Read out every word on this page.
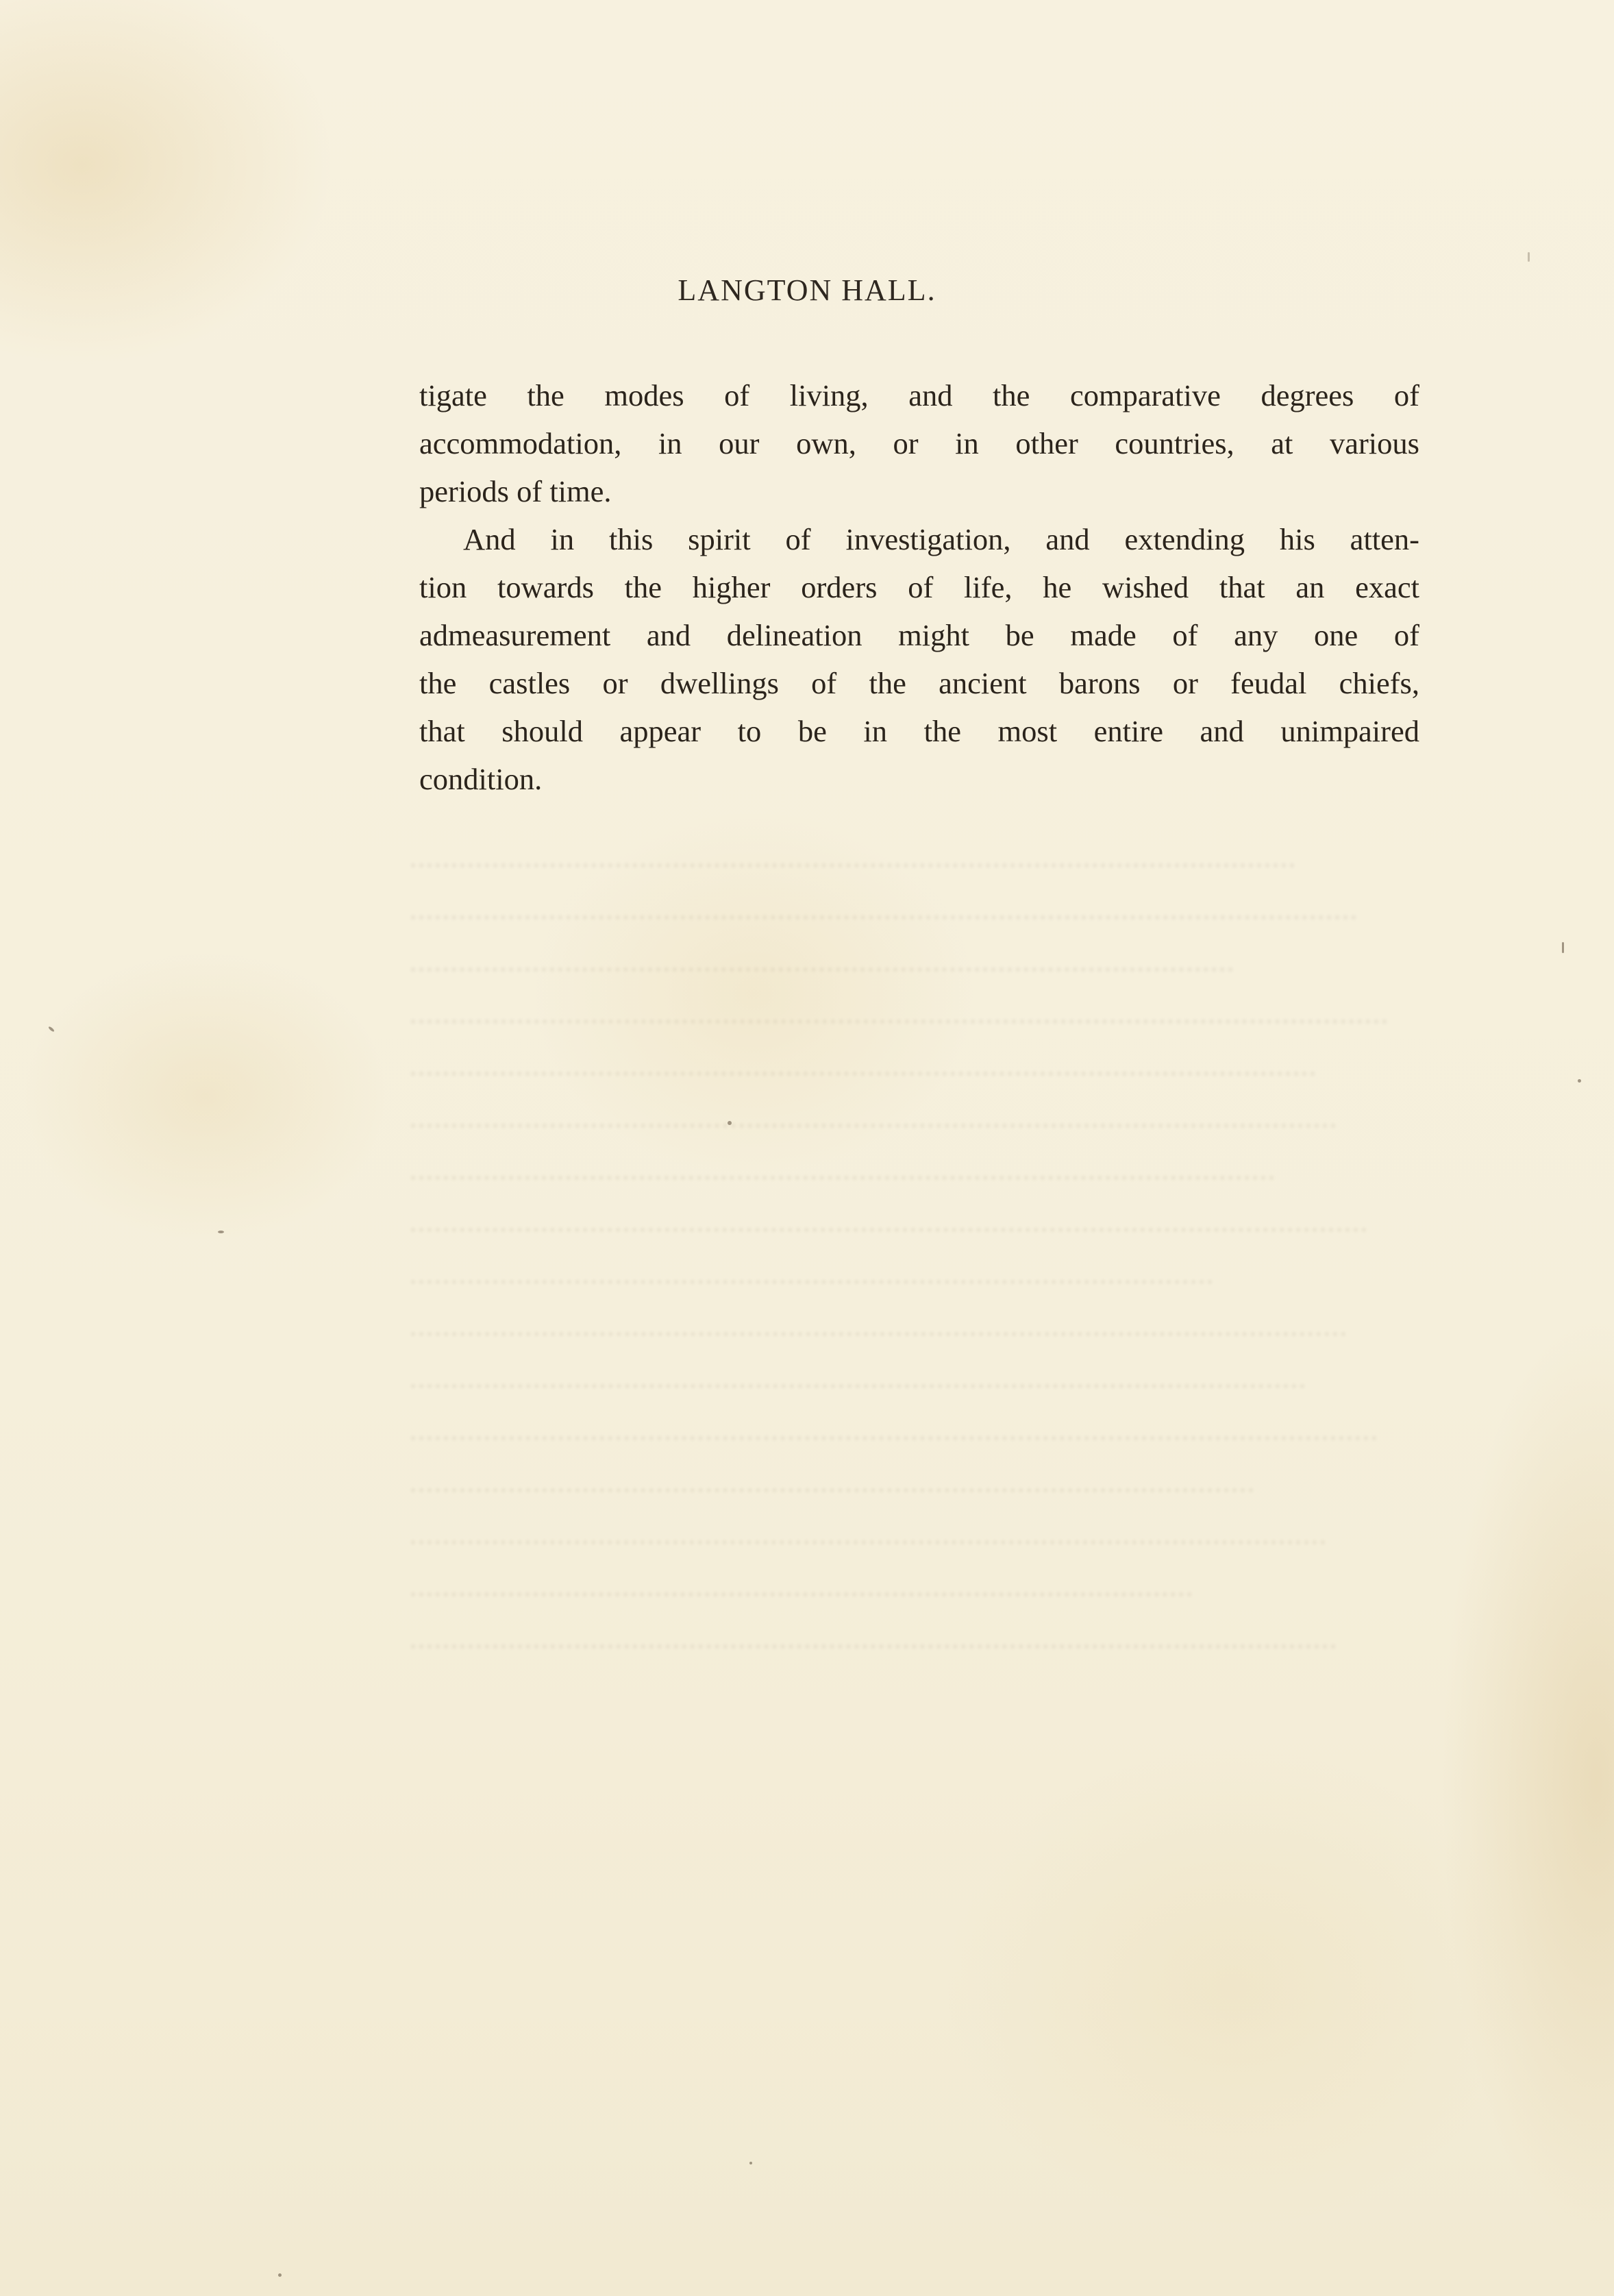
LANGTON HALL.
tigate the modes of living, and the comparative degrees of
accommodation, in our own, or in other countries, at various
periods of time.
And in this spirit of investigation, and extending his atten-
tion towards the higher orders of life, he wished that an exact
admeasurement and delineation might be made of any one of
the castles or dwellings of the ancient barons or feudal chiefs,
that should appear to be in the most entire and unimpaired
condition.
